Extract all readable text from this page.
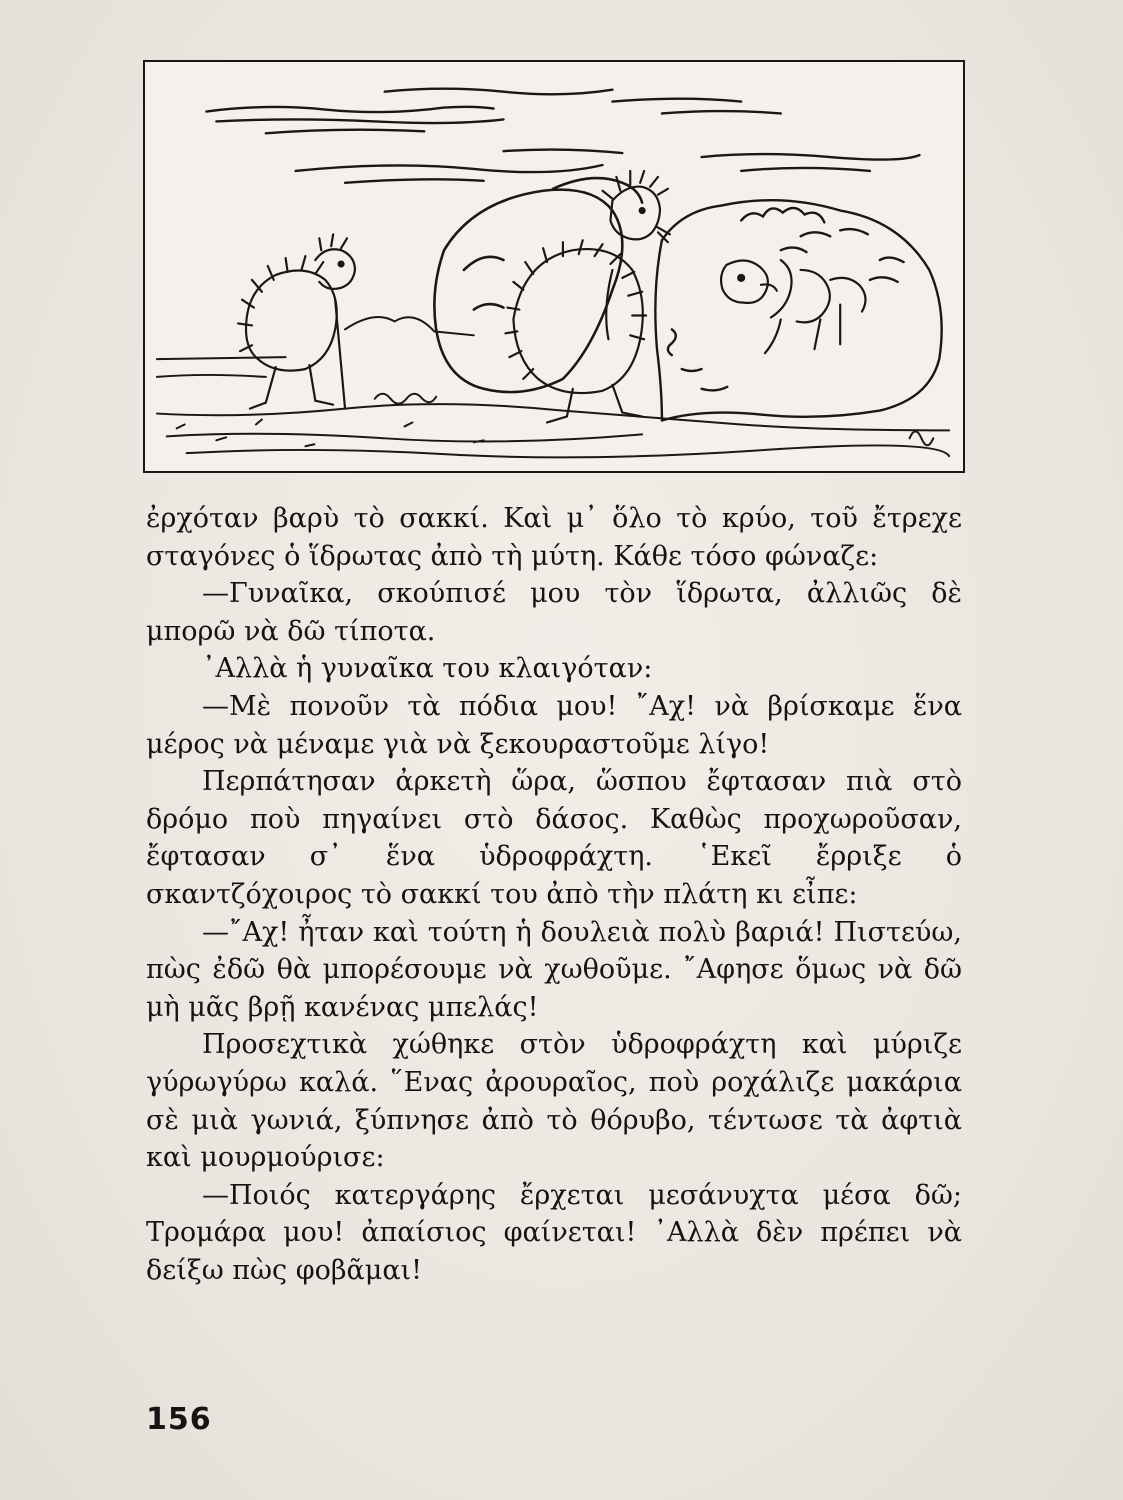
ἐρχόταν βαρὺ τὸ σακκί. Καὶ μ᾿ ὅλο τὸ κρύο, τοῦ ἔτρεχε σταγόνες ὁ ἵδρωτας ἀπὸ τὴ μύτη. Κάθε τόσο φώναζε:

—Γυναῖκα, σκούπισέ μου τὸν ἵδρωτα, ἀλλιῶς δὲ μπορῶ νὰ δῶ τίποτα.

᾿Αλλὰ ἡ γυναῖκα του κλαιγόταν:

—Μὲ πονοῦν τὰ πόδια μου! ῎Αχ! νὰ βρίσκαμε ἕνα μέρος νὰ μέναμε γιὰ νὰ ξεκουραστοῦμε λίγο!

Περπάτησαν ἀρκετὴ ὥρα, ὥσπου ἔφτασαν πιὰ στὸ δρόμο ποὺ πηγαίνει στὸ δάσος. Καθὼς προχωροῦσαν, ἔφτασαν σ᾿ ἕνα ὑδροφράχτη. ῾Εκεῖ ἔρριξε ὁ σκαντζόχοιρος τὸ σακκί του ἀπὸ τὴν πλάτη κι εἶπε:

—῎Αχ! ἦταν καὶ τούτη ἡ δουλειὰ πολὺ βαριά! Πιστεύω, πὼς ἐδῶ θὰ μπορέσουμε νὰ χωθοῦμε. ῎Αφησε ὅμως νὰ δῶ μὴ μᾶς βρῇ κανένας μπελάς!

Προσεχτικὰ χώθηκε στὸν ὑδροφράχτη καὶ μύριζε γύρωγύρω καλά. ῞Ενας ἀρουραῖος, ποὺ ροχάλιζε μακάρια σὲ μιὰ γωνιά, ξύπνησε ἀπὸ τὸ θόρυβο, τέντωσε τὰ ἀφτιὰ καὶ μουρμούρισε:

—Ποιός κατεργάρης ἔρχεται μεσάνυχτα μέσα δῶ; Τρομάρα μου! ἀπαίσιος φαίνεται! ᾿Αλλὰ δὲν πρέπει νὰ δείξω πὼς φοβᾶμαι!

156
